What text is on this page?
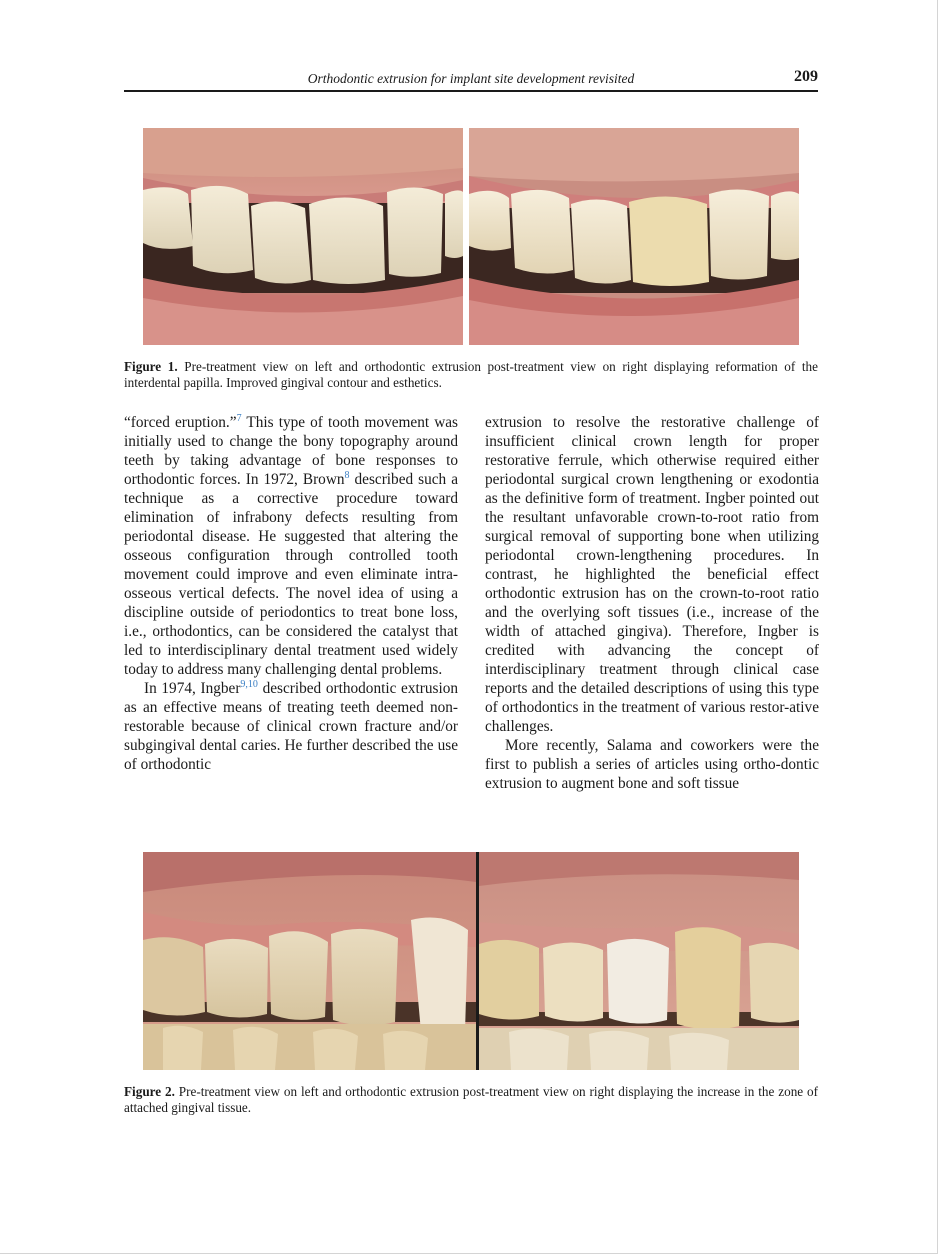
Orthodontic extrusion for implant site development revisited	209
Figure 1. Pre-treatment view on left and orthodontic extrusion post-treatment view on right displaying reformation of the interdental papilla. Improved gingival contour and esthetics.

“forced eruption.”$^7$ This type of tooth movement was initially used to change the bony topography around teeth by taking advantage of bone responses to orthodontic forces. In 1972, Brown$^8$ described such a technique as a corrective procedure toward elimination of infrabony defects resulting from periodontal disease. He suggested that altering the osseous configuration through controlled tooth movement could improve and even eliminate intra-osseous vertical defects. The novel idea of using a discipline outside of periodontics to treat bone loss, i.e., orthodontics, can be considered the catalyst that led to interdisciplinary dental treatment used widely today to address many challenging dental problems.

In 1974, Ingber$^{9,10}$ described orthodontic extrusion as an effective means of treating teeth deemed non-restorable because of clinical crown fracture and/or subgingival dental caries. He further described the use of orthodontic

extrusion to resolve the restorative challenge of insufficient clinical crown length for proper restorative ferrule, which otherwise required either periodontal surgical crown lengthening or exodontia as the definitive form of treatment. Ingber pointed out the resultant unfavorable crown-to-root ratio from surgical removal of supporting bone when utilizing periodontal crown-lengthening procedures. In contrast, he highlighted the beneficial effect orthodontic extrusion has on the crown-to-root ratio and the overlying soft tissues (i.e., increase of the width of attached gingiva). Therefore, Ingber is credited with advancing the concept of interdisciplinary treatment through clinical case reports and the detailed descriptions of using this type of orthodontics in the treatment of various restor-ative challenges.

More recently, Salama and coworkers were the first to publish a series of articles using ortho-dontic extrusion to augment bone and soft tissue

Figure 2. Pre-treatment view on left and orthodontic extrusion post-treatment view on right displaying the increase in the zone of attached gingival tissue.
